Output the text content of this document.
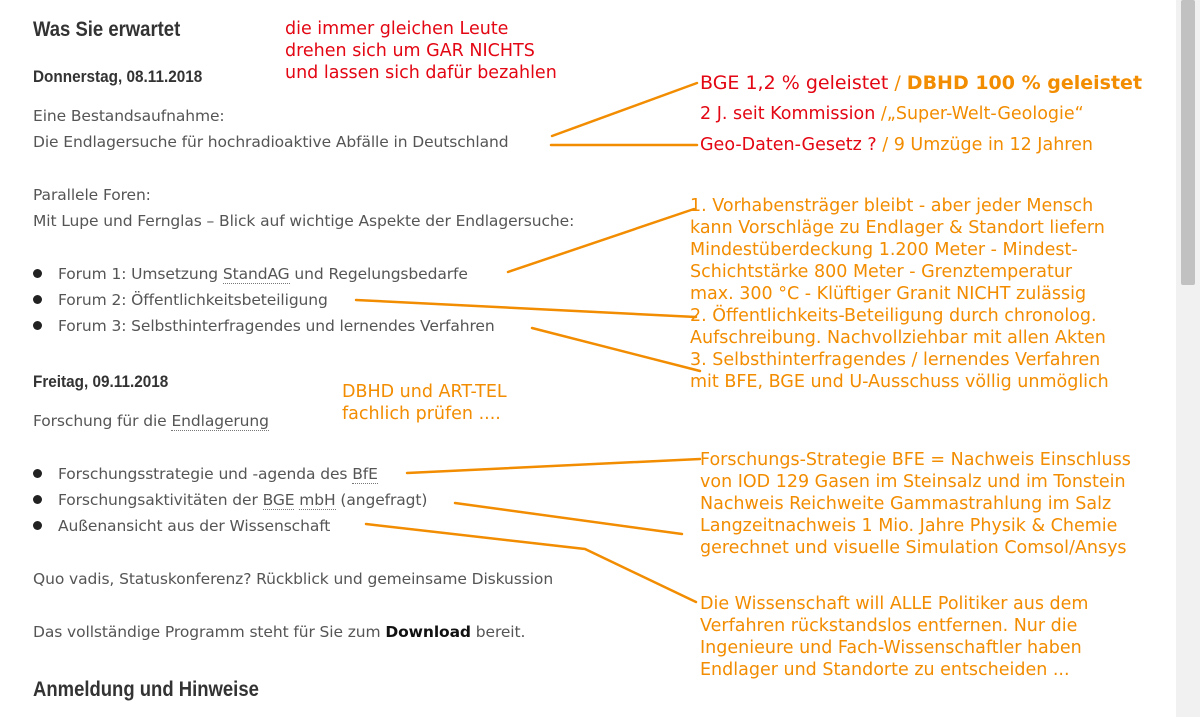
Was Sie erwartet
Donnerstag, 08.11.2018
Eine Bestandsaufnahme:
Die Endlagersuche für hochradioaktive Abfälle in Deutschland
Parallele Foren:
Mit Lupe und Fernglas – Blick auf wichtige Aspekte der Endlagersuche:
Forum 1: Umsetzung StandAG und Regelungsbedarfe
Forum 2: Öffentlichkeitsbeteiligung
Forum 3: Selbsthinterfragendes und lernendes Verfahren
Freitag, 09.11.2018
Forschung für die Endlagerung
Forschungsstrategie und -agenda des BfE
Forschungsaktivitäten der BGE mbH (angefragt)
Außenansicht aus der Wissenschaft
Quo vadis, Statuskonferenz? Rückblick und gemeinsame Diskussion
Das vollständige Programm steht für Sie zum Download bereit.
Anmeldung und Hinweise
die immer gleichen Leute
drehen sich um GAR NICHTS
und lassen sich dafür bezahlen	BGE 1,2 % geleistet / DBHD 100 % geleistet
2 J. seit Kommission /„Super-Welt-Geologie“
Geo-Daten-Gesetz ? / 9 Umzüge in 12 Jahren
1. Vorhabensträger bleibt - aber jeder Mensch
kann Vorschläge zu Endlager & Standort liefern
Mindestüberdeckung 1.200 Meter - Mindest-
Schichtstärke 800 Meter - Grenztemperatur
max. 300 °C - Klüftiger Granit NICHT zulässig
2. Öffentlichkeits-Beteiligung durch chronolog.
Aufschreibung. Nachvollziehbar mit allen Akten
3. Selbsthinterfragendes / lernendes Verfahren
mit BFE, BGE und U-Ausschuss völlig unmöglich
DBHD und ART-TEL
fachlich prüfen ....
Forschungs-Strategie BFE = Nachweis Einschluss
von IOD 129 Gasen im Steinsalz und im Tonstein
Nachweis Reichweite Gammastrahlung im Salz
Langzeitnachweis 1 Mio. Jahre Physik & Chemie
gerechnet und visuelle Simulation Comsol/Ansys
Die Wissenschaft will ALLE Politiker aus dem
Verfahren rückstandslos entfernen. Nur die
Ingenieure und Fach-Wissenschaftler haben
Endlager und Standorte zu entscheiden ...
